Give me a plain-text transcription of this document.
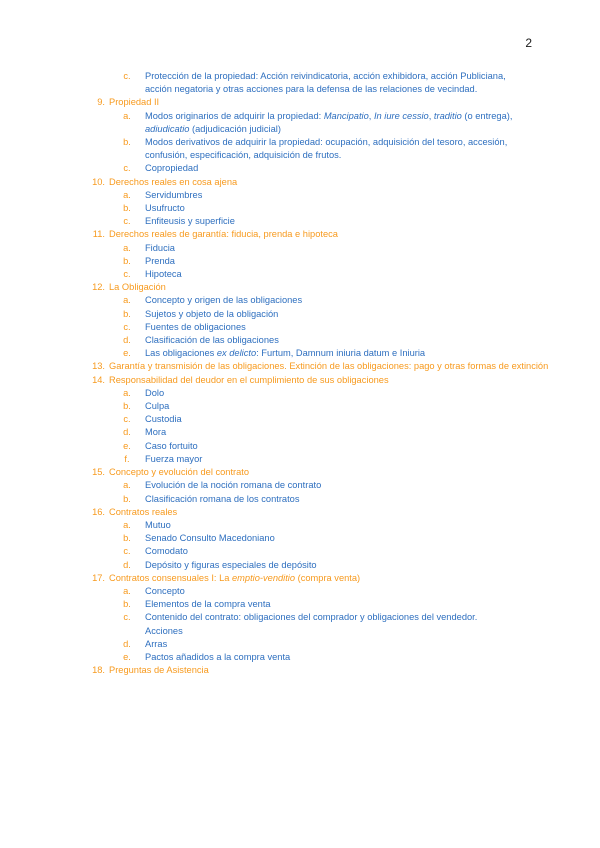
2
c. Protección de la propiedad: Acción reivindicatoria, acción exhibidora, acción Publiciana, acción negatoria y otras acciones para la defensa de las relaciones de vecindad.
9. Propiedad II
a. Modos originarios de adquirir la propiedad: Mancipatio, In iure cessio, traditio (o entrega), adiudicatio (adjudicación judicial)
b. Modos derivativos de adquirir la propiedad: ocupación, adquisición del tesoro, accesión, confusión, especificación, adquisición de frutos.
c. Copropiedad
10. Derechos reales en cosa ajena
a. Servidumbres
b. Usufructo
c. Enfiteusis y superficie
11. Derechos reales de garantía: fiducia, prenda e hipoteca
a. Fiducia
b. Prenda
c. Hipoteca
12. La Obligación
a. Concepto y origen de las obligaciones
b. Sujetos y objeto de la obligación
c. Fuentes de obligaciones
d. Clasificación de las obligaciones
e. Las obligaciones ex delicto: Furtum, Damnum iniuria datum e Iniuria
13. Garantía y transmisión de las obligaciones. Extinción de las obligaciones: pago y otras formas de extinción
14. Responsabilidad del deudor en el cumplimiento de sus obligaciones
a. Dolo
b. Culpa
c. Custodia
d. Mora
e. Caso fortuito
f.	Fuerza mayor
15. Concepto y evolución del contrato
a. Evolución de la noción romana de contrato
b. Clasificación romana de los contratos
16. Contratos reales
a. Mutuo
b. Senado Consulto Macedoniano
c. Comodato
d. Depósito y figuras especiales de depósito
17. Contratos consensuales I: La emptio-venditio (compra venta)
a. Concepto
b. Elementos de la compra venta
c. Contenido del contrato: obligaciones del comprador y obligaciones del vendedor. Acciones
d. Arras
e. Pactos añadidos a la compra venta
18. Preguntas de Asistencia
